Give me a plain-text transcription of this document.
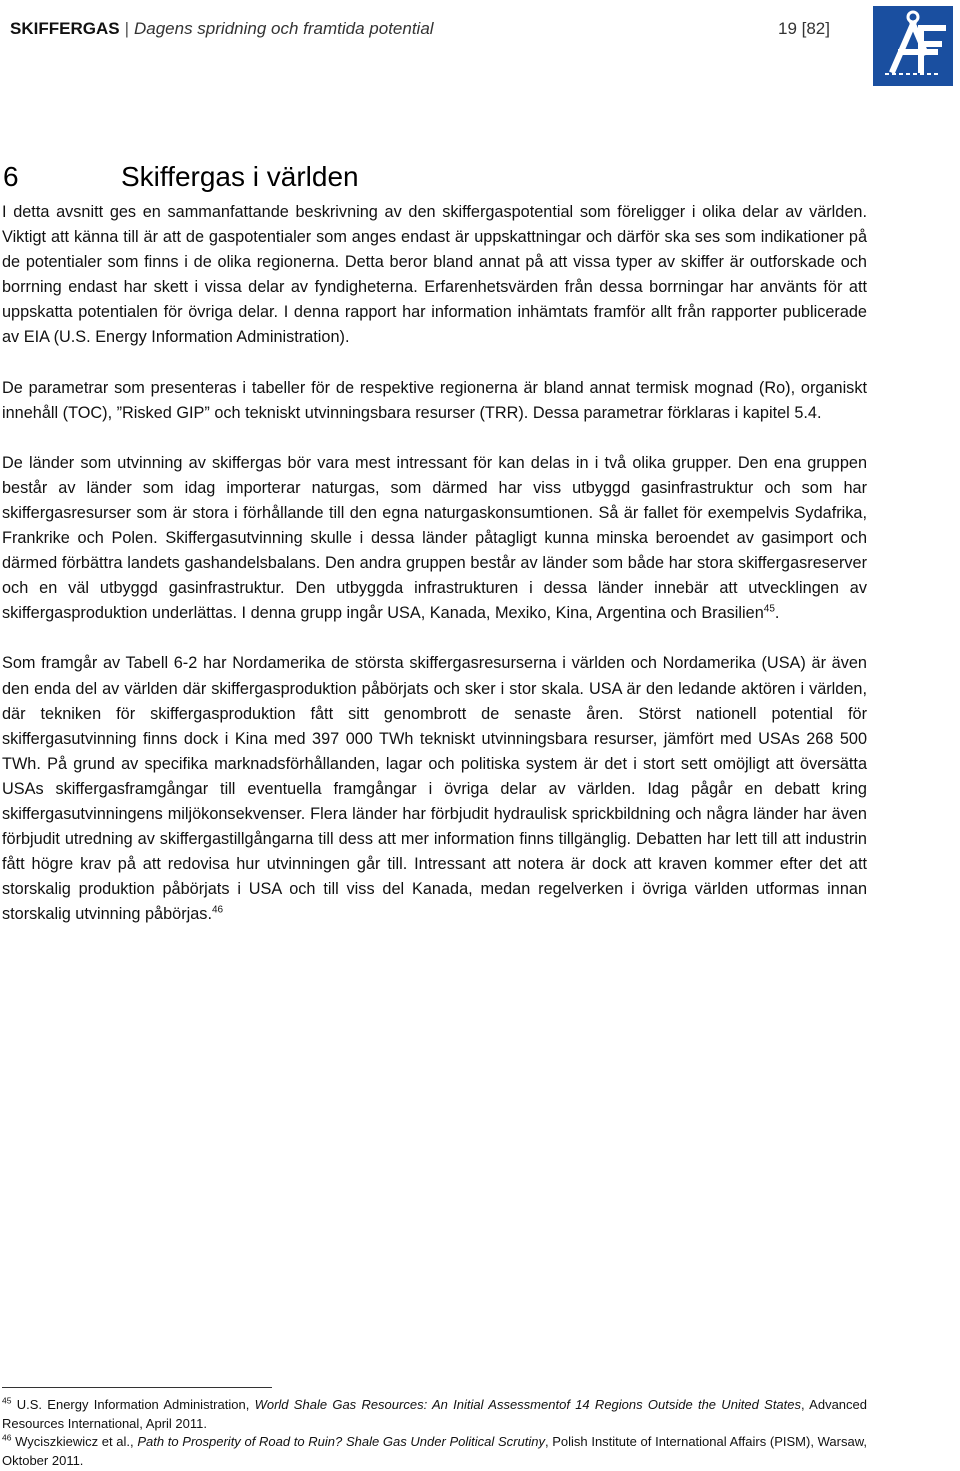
SKIFFERGAS | Dagens spridning och framtida potential	19 [82]
6	Skiffergas i världen

I detta avsnitt ges en sammanfattande beskrivning av den skiffergaspotential som föreligger i olika delar av världen. Viktigt att känna till är att de gaspotentialer som anges endast är uppskattningar och därför ska ses som indikationer på de potentialer som finns i de olika regionerna. Detta beror bland annat på att vissa typer av skiffer är outforskade och borrning endast har skett i vissa delar av fyndigheterna. Erfarenhetsvärden från dessa borrningar har använts för att uppskatta potentialen för övriga delar. I denna rapport har information inhämtats framför allt från rapporter publicerade av EIA (U.S. Energy Information Administration).

De parametrar som presenteras i tabeller för de respektive regionerna är bland annat termisk mognad (Ro), organiskt innehåll (TOC), ”Risked GIP” och tekniskt utvinningsbara resurser (TRR). Dessa parametrar förklaras i kapitel 5.4.

De länder som utvinning av skiffergas bör vara mest intressant för kan delas in i två olika grupper. Den ena gruppen består av länder som idag importerar naturgas, som därmed har viss utbyggd gasinfrastruktur och som har skiffergasresurser som är stora i förhållande till den egna naturgaskonsumtionen. Så är fallet för exempelvis Sydafrika, Frankrike och Polen. Skiffergasutvinning skulle i dessa länder påtagligt kunna minska beroendet av gasimport och därmed förbättra landets gashandelsbalans. Den andra gruppen består av länder som både har stora skiffergasreserver och en väl utbyggd gasinfrastruktur. Den utbyggda infrastrukturen i dessa länder innebär att utvecklingen av skiffergasproduktion underlättas. I denna grupp ingår USA, Kanada, Mexiko, Kina, Argentina och Brasilien$^{45}$.

Som framgår av Tabell 6-2 har Nordamerika de största skiffergasresurserna i världen och Nordamerika (USA) är även den enda del av världen där skiffergasproduktion påbörjats och sker i stor skala. USA är den ledande aktören i världen, där tekniken för skiffergasproduktion fått sitt genombrott de senaste åren. Störst nationell potential för skiffergasutvinning finns dock i Kina med 397 000 TWh tekniskt utvinningsbara resurser, jämfört med USAs 268 500 TWh. På grund av specifika marknadsförhållanden, lagar och politiska system är det i stort sett omöjligt att översätta USAs skiffergasframgångar till eventuella framgångar i övriga delar av världen. Idag pågår en debatt kring skiffergasutvinningens miljökonsekvenser. Flera länder har förbjudit hydraulisk sprickbildning och några länder har även förbjudit utredning av skiffergastillgångarna till dess att mer information finns tillgänglig. Debatten har lett till att industrin fått högre krav på att redovisa hur utvinningen går till. Intressant att notera är dock att kraven kommer efter det att storskalig produktion påbörjats i USA och till viss del Kanada, medan regelverken i övriga världen utformas innan storskalig utvinning påbörjas.$^{46}$

$^{45}$ U.S. Energy Information Administration, World Shale Gas Resources: An Initial Assessmentof 14 Regions Outside the United States, Advanced Resources International, April 2011.

$^{46}$ Wyciszkiewicz et al., Path to Prosperity of Road to Ruin? Shale Gas Under Political Scrutiny, Polish Institute of International Affairs (PISM), Warsaw, Oktober 2011.
